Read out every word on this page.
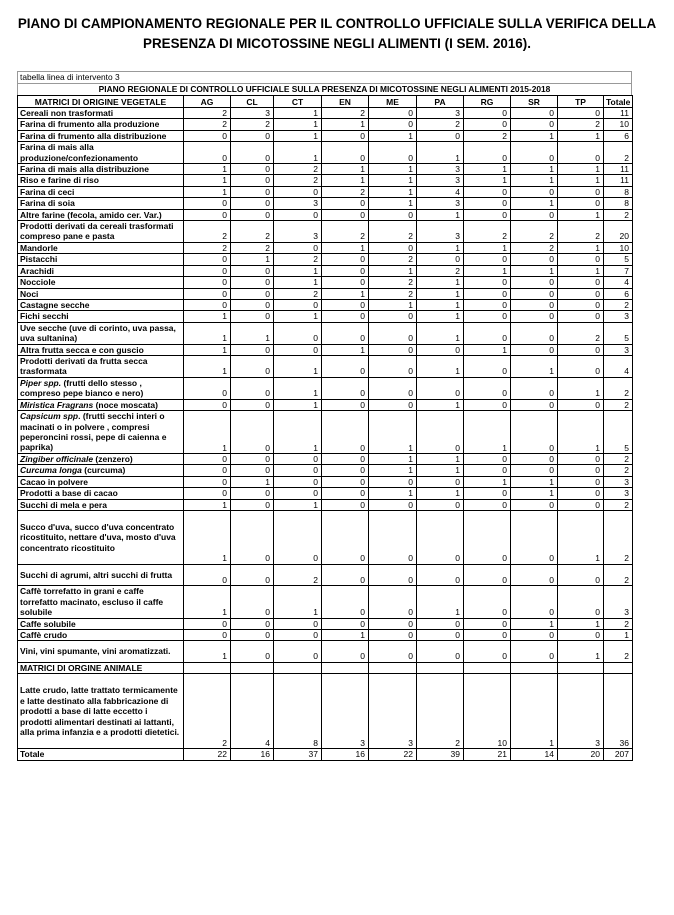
PIANO DI CAMPIONAMENTO REGIONALE PER IL CONTROLLO UFFICIALE SULLA VERIFICA DELLA
PRESENZA DI MICOTOSSINE NEGLI ALIMENTI (I SEM. 2016).
tabella linea di intervento 3
PIANO REGIONALE DI CONTROLLO UFFICIALE SULLA PRESENZA DI MICOTOSSINE NEGLI ALIMENTI 2015-2018
MATRICI DI ORIGINE VEGETALE	AG	CL	CT	EN	ME	PA	RG	SR	TP	Totale
Cereali non trasformati	2	3	1	2	0	3	0	0	0	11
Farina di frumento alla produzione	2	2	1	1	0	2	0	0	2	10
Farina di frumento alla distribuzione	0	0	1	0	1	0	2	1	1	6
Farina di mais alla produzione/confezionamento	0	0	1	0	0	1	0	0	0	2
Farina di mais alla distribuzione	1	0	2	1	1	3	1	1	1	11
Riso e farine di riso	1	0	2	1	1	3	1	1	1	11
Farina di ceci	1	0	0	2	1	4	0	0	0	8
Farina di soia	0	0	3	0	1	3	0	1	0	8
Altre farine (fecola, amido cer. Var.)	0	0	0	0	0	1	0	0	1	2
Prodotti derivati da cereali trasformati compreso pane e pasta	2	2	3	2	2	3	2	2	2	20
Mandorle	2	2	0	1	0	1	1	2	1	10
Pistacchi	0	1	2	0	2	0	0	0	0	5
Arachidi	0	0	1	0	1	2	1	1	1	7
Nocciole	0	0	1	0	2	1	0	0	0	4
Noci	0	0	2	1	2	1	0	0	0	6
Castagne secche	0	0	0	0	1	1	0	0	0	2
Fichi secchi	1	0	1	0	0	1	0	0	0	3
Uve secche (uve di corinto, uva passa, uva sultanina)	1	1	0	0	0	1	0	0	2	5
Altra frutta secca e con guscio	1	0	0	1	0	0	1	0	0	3
Prodotti derivati da frutta secca trasformata	1	0	1	0	0	1	0	1	0	4
Piper spp. (frutti dello stesso , compreso pepe bianco e nero)	0	0	1	0	0	0	0	0	1	2
Miristica Fragrans (noce moscata)	0	0	1	0	0	1	0	0	0	2
Capsicum spp. (frutti secchi interi o macinati o in polvere , compresi peperoncini rossi, pepe di caienna e paprika)	1	0	1	0	1	0	1	0	1	5
Zingiber officinale (zenzero)	0	0	0	0	1	1	0	0	0	2
Curcuma longa (curcuma)	0	0	0	0	1	1	0	0	0	2
Cacao in polvere	0	1	0	0	0	0	1	1	0	3
Prodotti a base di cacao	0	0	0	0	1	1	0	1	0	3
Succhi di mela e pera	1	0	1	0	0	0	0	0	0	2
Succo d'uva, succo d'uva concentrato ricostituito, nettare d'uva, mosto d'uva concentrato ricostituito	1	0	0	0	0	0	0	0	1	2
Succhi di agrumi, altri succhi di frutta	0	0	2	0	0	0	0	0	0	2
Caffè torrefatto in grani e caffe torrefatto macinato, escluso il caffe solubile	1	0	1	0	0	1	0	0	0	3
Caffe solubile	0	0	0	0	0	0	0	1	1	2
Caffè crudo	0	0	0	1	0	0	0	0	0	1
Vini, vini spumante, vini aromatizzati.	1	0	0	0	0	0	0	0	1	2
MATRICI DI ORGINE ANIMALE										
Latte crudo, latte trattato termicamente e latte destinato alla fabbricazione di prodotti a base di latte eccetto i prodotti alimentari destinati ai lattanti, alla prima infanzia e a prodotti dietetici.	2	4	8	3	3	2	10	1	3	36
Totale	22	16	37	16	22	39	21	14	20	207
